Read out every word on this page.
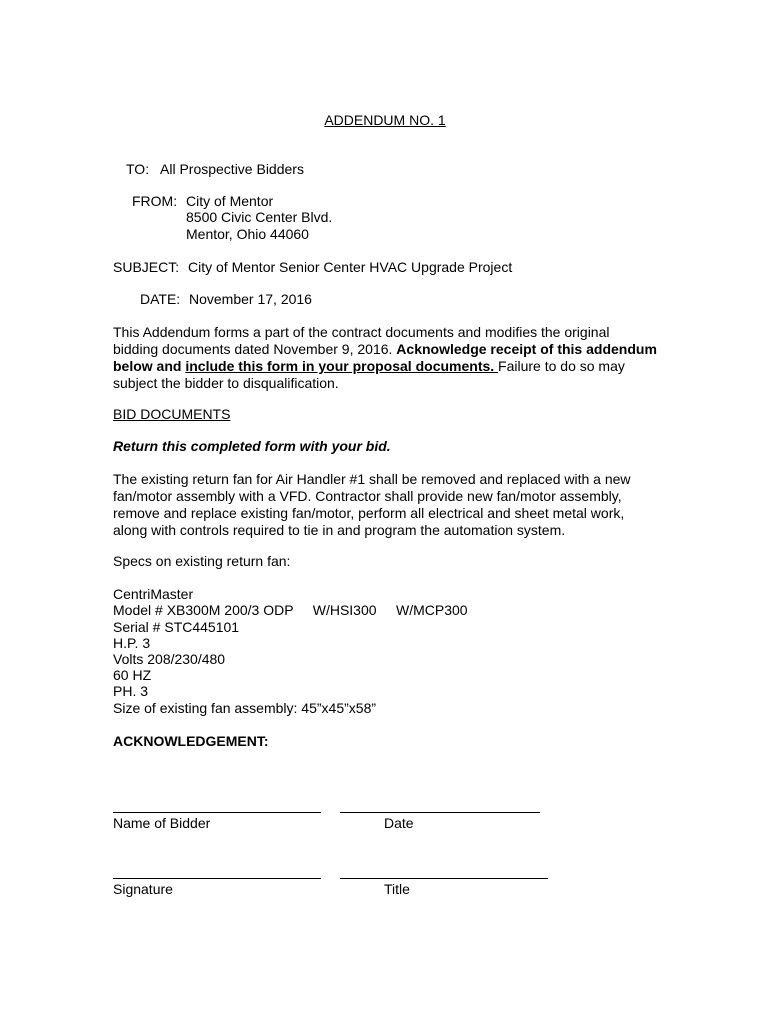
ADDENDUM NO. 1
TO: All Prospective Bidders
FROM: City of Mentor
8500 Civic Center Blvd.
Mentor, Ohio 44060
SUBJECT: City of Mentor Senior Center HVAC Upgrade Project
DATE: November 17, 2016
This Addendum forms a part of the contract documents and modifies the original bidding documents dated November 9, 2016. Acknowledge receipt of this addendum below and include this form in your proposal documents. Failure to do so may subject the bidder to disqualification.
BID DOCUMENTS
Return this completed form with your bid.
The existing return fan for Air Handler #1 shall be removed and replaced with a new fan/motor assembly with a VFD. Contractor shall provide new fan/motor assembly, remove and replace existing fan/motor, perform all electrical and sheet metal work, along with controls required to tie in and program the automation system.
Specs on existing return fan:
CentriMaster
Model # XB300M 200/3 ODP     W/HSI300     W/MCP300
Serial # STC445101
H.P. 3
Volts 208/230/480
60 HZ
PH. 3
Size of existing fan assembly: 45”x45”x58”
ACKNOWLEDGEMENT:
Name of Bidder	Date
Signature	Title
